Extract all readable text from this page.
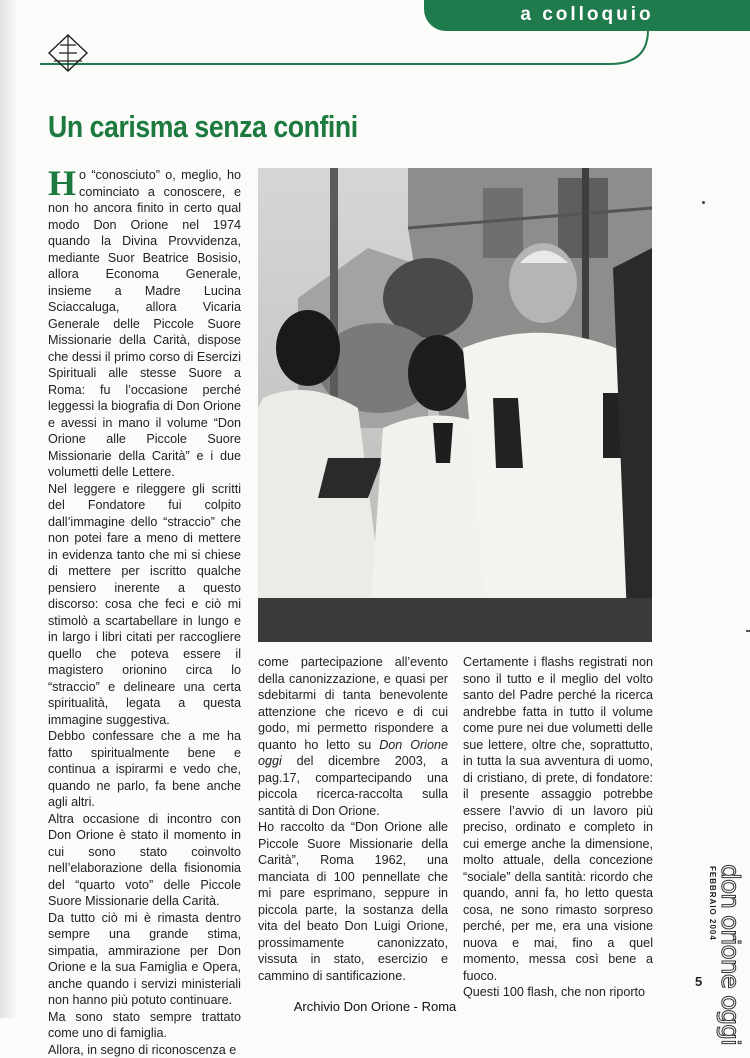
a colloquio
Un carisma senza confini

Ho “conosciuto” o, meglio, ho cominciato a conoscere, e non ho ancora finito in certo qual modo Don Orione nel 1974 quando la Divina Provvidenza, mediante Suor Beatrice Bosisio, allora Economa Generale, insieme a Madre Lucina Sciaccaluga, allora Vicaria Generale delle Piccole Suore Missionarie della Carità, dispose che dessi il primo corso di Esercizi Spirituali alle stesse Suore a Roma: fu l’occasione perché leggessi la biografia di Don Orione e avessi in mano il volume “Don Orione alle Piccole Suore Missionarie della Carità” e i due volumetti delle Lettere.

Nel leggere e rileggere gli scritti del Fondatore fui colpito dall’immagine dello “straccio” che non potei fare a meno di mettere in evidenza tanto che mi si chiese di mettere per iscritto qualche pensiero inerente a questo discorso: cosa che feci e ciò mi stimolò a scartabellare in lungo e in largo i libri citati per raccogliere quello che poteva essere il magistero orionino circa lo “straccio” e delineare una certa spiritualità, legata a questa immagine suggestiva.

Debbo confessare che a me ha fatto spiritualmente bene e continua a ispirarmi e vedo che, quando ne parlo, fa bene anche agli altri.

Altra occasione di incontro con Don Orione è stato il momento in cui sono stato coinvolto nell’elaborazione della fisionomia del “quarto voto” delle Piccole Suore Missionarie della Carità.

Da tutto ciò mi è rimasta dentro sempre una grande stima, simpatia, ammirazione per Don Orione e la sua Famiglia e Opera, anche quando i servizi ministeriali non hanno più potuto continuare.

Ma sono stato sempre trattato come uno di famiglia.

Allora, in segno di riconoscenza e

come partecipazione all’evento della canonizzazione, e quasi per sdebitarmi di tanta benevolente attenzione che ricevo e di cui godo, mi permetto rispondere a quanto ho letto su Don Orione oggi del dicembre 2003, a pag.17, compartecipando una piccola ricerca-raccolta sulla santità di Don Orione.

Ho raccolto da “Don Orione alle Piccole Suore Missionarie della Carità”, Roma 1962, una manciata di 100 pennellate che mi pare esprimano, seppure in piccola parte, la sostanza della vita del beato Don Luigi Orione, prossimamente canonizzato, vissuta in stato, esercizio e cammino di santificazione.

Certamente i flashs registrati non sono il tutto e il meglio del volto santo del Padre perché la ricerca andrebbe fatta in tutto il volume come pure nei due volumetti delle sue lettere, oltre che, soprattutto, in tutta la sua avventura di uomo, di cristiano, di prete, di fondatore: il presente assaggio potrebbe essere l’avvio di un lavoro più preciso, ordinato e completo in cui emerge anche la dimensione, molto attuale, della concezione “sociale” della santità: ricordo che quando, anni fa, ho letto questa cosa, ne sono rimasto sorpreso perché, per me, era una visione nuova e mai, fino a quel momento, messa così bene a fuoco.

Questi 100 flash, che non riporto	don orione oggi
FEBBRAIO 2004
5
Archivio Don Orione - Roma
